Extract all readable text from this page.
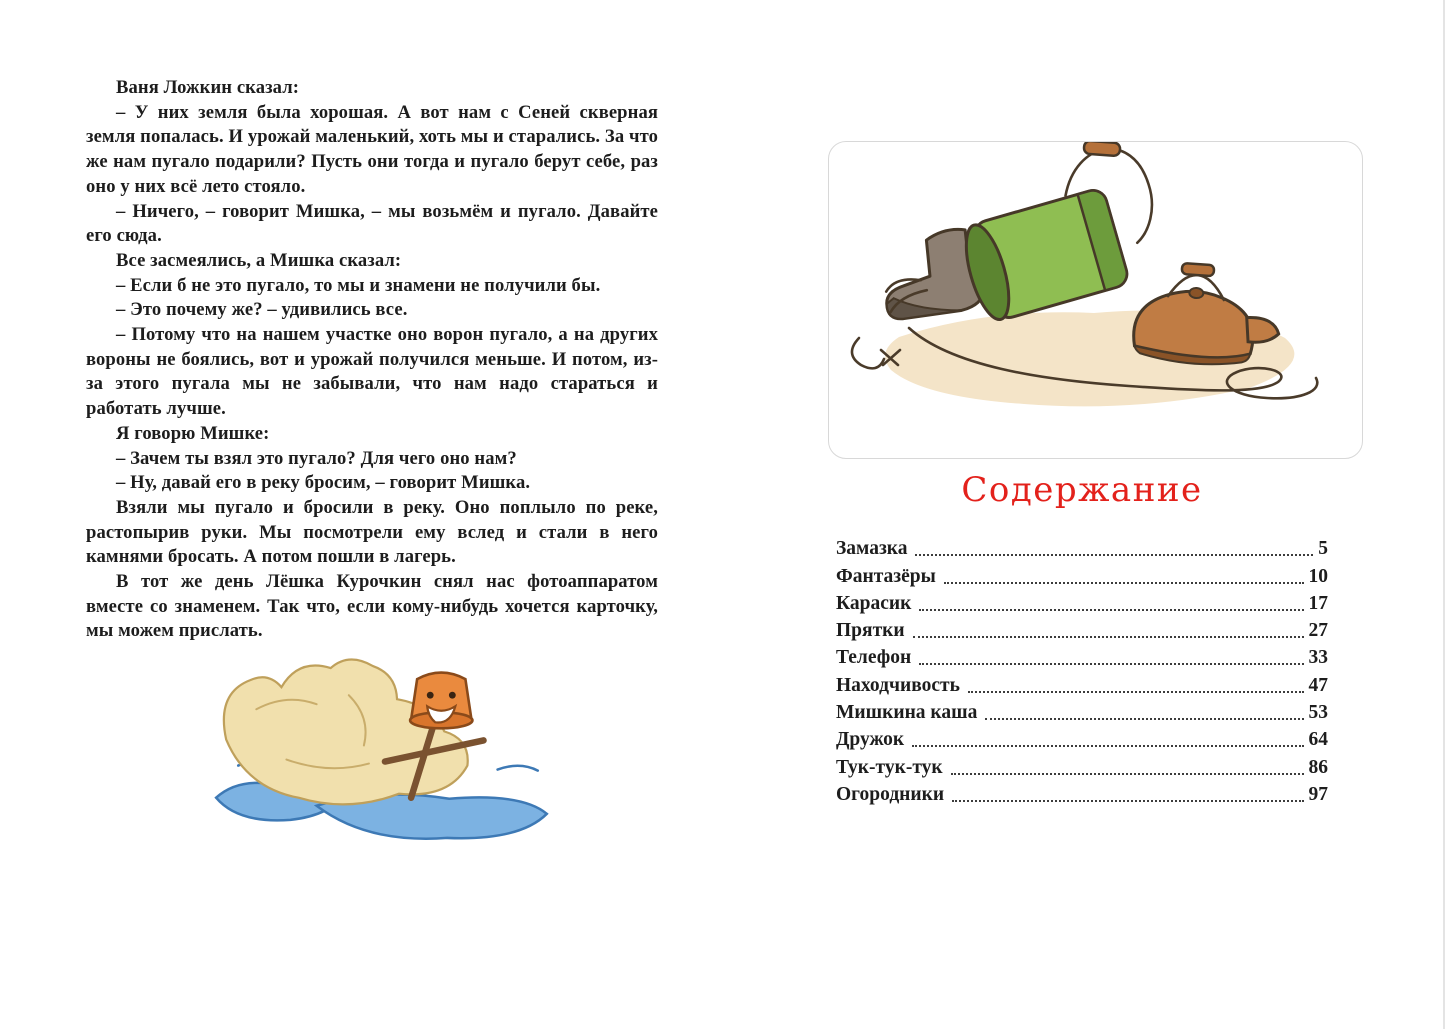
Ваня Ложкин сказал:

– У них земля была хорошая. А вот нам с Сеней скверная земля попалась. И урожай маленький, хоть мы и старались. За что же нам пугало подарили? Пусть они тогда и пугало берут себе, раз оно у них всё лето стояло.

– Ничего, – говорит Мишка, – мы возьмём и пугало. Давайте его сюда.

Все засмеялись, а Мишка сказал:

– Если б не это пугало, то мы и знамени не получили бы.

– Это почему же? – удивились все.

– Потому что на нашем участке оно ворон пугало, а на других вороны не боялись, вот и урожай получился меньше. И потом, из-за этого пугала мы не забывали, что нам надо стараться и работать лучше.

Я говорю Мишке:

– Зачем ты взял это пугало? Для чего оно нам?

– Ну, давай его в реку бросим, – говорит Мишка.

Взяли мы пугало и бросили в реку. Оно поплыло по реке, растопырив руки. Мы посмотрели ему вслед и стали в него камнями бросать. А потом пошли в лагерь.

В тот же день Лёшка Курочкин снял нас фотоаппаратом вместе со знаменем. Так что, если кому-нибудь хочется карточку, мы можем прислать.

Содержание
Замазка	5
Фантазёры	10
Карасик	17
Прятки	27
Телефон	33
Находчивость	47
Мишкина каша	53
Дружок	64
Тук-тук-тук	86
Огородники	97
